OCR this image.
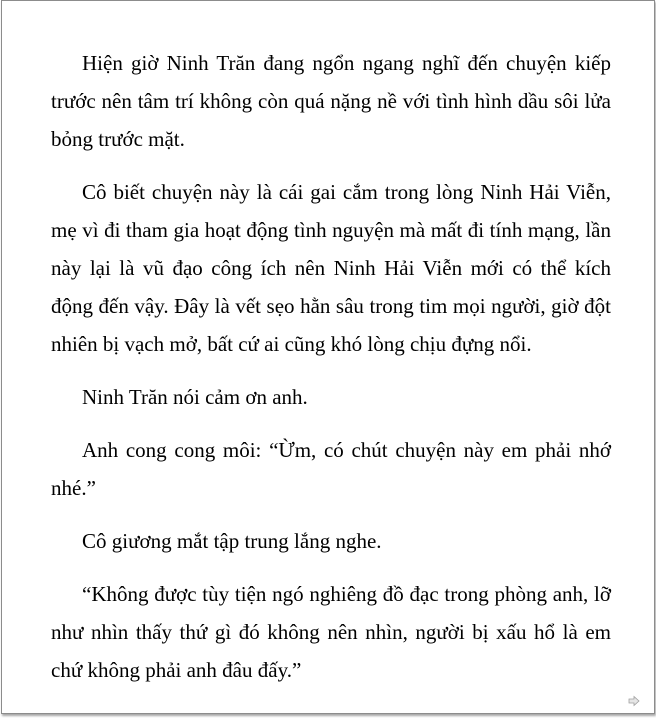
Hiện giờ Ninh Trăn đang ngổn ngang nghĩ đến chuyện kiếp trước nên tâm trí không còn quá nặng nề với tình hình dầu sôi lửa bỏng trước mặt.

Cô biết chuyện này là cái gai cắm trong lòng Ninh Hải Viễn, mẹ vì đi tham gia hoạt động tình nguyện mà mất đi tính mạng, lần này lại là vũ đạo công ích nên Ninh Hải Viễn mới có thể kích động đến vậy. Đây là vết sẹo hằn sâu trong tim mọi người, giờ đột nhiên bị vạch mở, bất cứ ai cũng khó lòng chịu đựng nổi.

Ninh Trăn nói cảm ơn anh.

Anh cong cong môi: “Ừm, có chút chuyện này em phải nhớ nhé.”

Cô giương mắt tập trung lắng nghe.

“Không được tùy tiện ngó nghiêng đồ đạc trong phòng anh, lỡ như nhìn thấy thứ gì đó không nên nhìn, người bị xấu hổ là em chứ không phải anh đâu đấy.”
